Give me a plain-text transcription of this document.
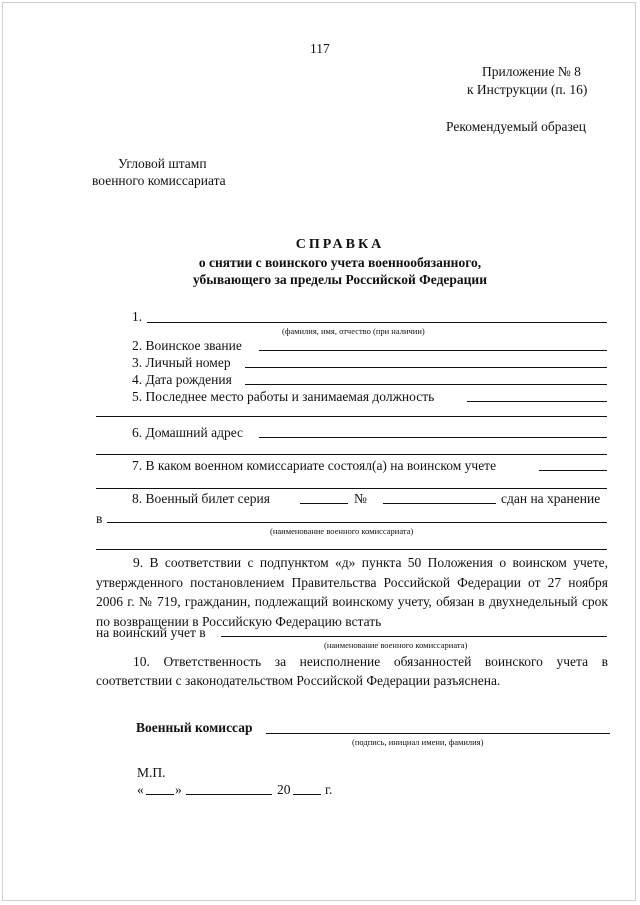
117
Приложение № 8
к Инструкции (п. 16)
Рекомендуемый образец
Угловой штамп
военного комиссариата
СПРАВКА
о снятии с воинского учета военнообязанного,
убывающего за пределы Российской Федерации
1.
(фамилия, имя, отчество (при наличии)
2. Воинское звание
3. Личный номер
4. Дата рождения
5. Последнее место работы и занимаемая должность
6. Домашний адрес
7. В каком военном комиссариате состоял(а) на воинском учете
8. Военный билет серия	№	сдан на хранение
в
(наименование военного комиссариата)
9. В соответствии с подпунктом «д» пункта 50 Положения о воинском учете, утвержденного постановлением Правительства Российской Федерации от 27 ноября 2006 г. № 719, гражданин, подлежащий воинскому учету, обязан в двухнедельный срок по возвращении в Российскую Федерацию встать
на воинский учет в
(наименование военного комиссариата)
10. Ответственность за неисполнение обязанностей воинского учета в соответствии с законодательством Российской Федерации разъяснена.
Военный комиссар
(подпись, инициал имени, фамилия)
М.П.
« »	20	г.
